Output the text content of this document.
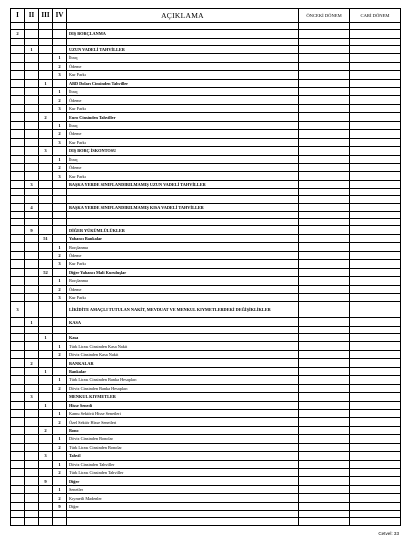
I	II	III	IV	AÇIKLAMA	ÖNCEKİ DÖNEM	CARİ DÖNEM

2				DIŞ BORÇLANMA		

	1			UZUN VADELİ TAHVİLLER		
			1	İhraç		
			2	Ödeme		
			3	Kur Farkı		
		1		ABD Doları Cinsinden Tahviller		
			1	İhraç		
			2	Ödeme		
			3	Kur Farkı		
		2		Euro Cinsinden Tahviller		
			1	İhraç		
			2	Ödeme		
			3	Kur Farkı		
		3		DIŞ BORÇ İSKONTOSU		
			1	İhraç		
			2	Ödeme		
			3	Kur Farkı		
	3			BAŞKA YERDE SINIFLANDIRILMAMIŞ UZUN VADELİ TAHVİLLER		

	4			BAŞKA YERDE SINIFLANDIRILMAMIŞ KISA VADELİ TAHVİLLER		

	9			DİĞER YÜKÜMLÜLÜKLER		
		51		Yabancı Bankalar		
			1	Borçlanma		
			2	Ödeme		
			3	Kur Farkı		
		52		Diğer Yabancı Mali Kuruluşlar		
			1	Borçlanma		
			2	Ödeme		
			3	Kur Farkı		
3				LİKİDİTE AMAÇLI TUTULAN NAKİT, MEVDUAT VE MENKUL KIYMETLERDEKİ DEĞİŞİKLİKLER		
	1			KASA		

		1		Kasa		
			1	Türk Lirası Cinsinden Kasa Nakit		
			2	Döviz Cinsinden Kasa Nakit		
	2			BANKALAR		
		1		Bankalar		
			1	Türk Lirası Cinsinden Banka Hesapları		
			2	Döviz Cinsinden Banka Hesapları		
	3			MENKUL KIYMETLER		
		1		Hisse Senedi		
			1	Kamu Sektörü Hisse Senetleri		
			2	Özel Sektör Hisse Senetleri		
		2		Bono		
			1	Döviz Cinsinden Bonolar		
			2	Türk Lirası Cinsinden Bonolar		
		3		Tahvil		
			1	Döviz Cinsinden Tahviller		
			2	Türk Lirası Cinsinden Tahviller		
		9		Diğer		
			1	Senetler		
			2	Kıymetli Madenler		
			9	Diğer		

Cetvel: 33
